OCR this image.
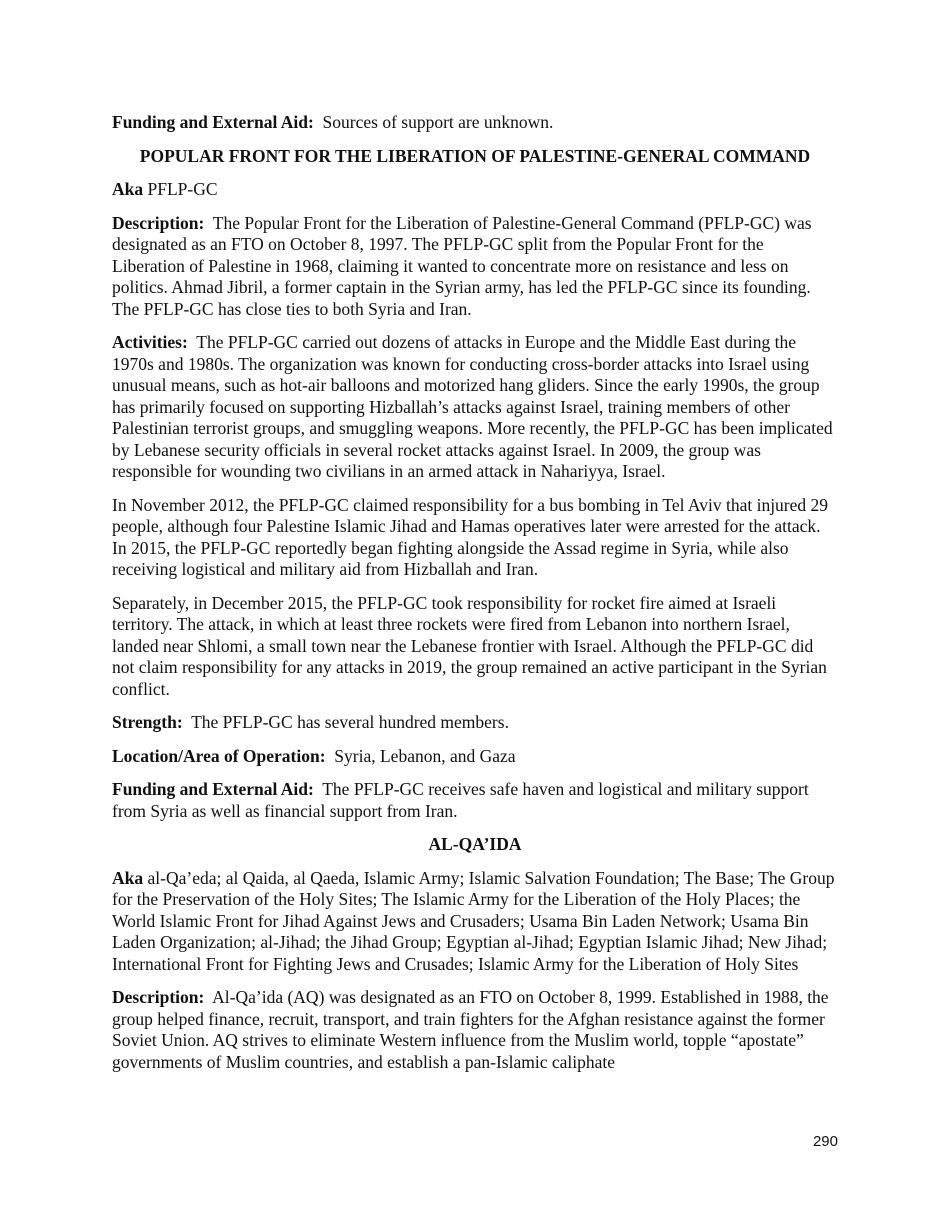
Funding and External Aid: Sources of support are unknown.

POPULAR FRONT FOR THE LIBERATION OF PALESTINE-GENERAL COMMAND

Aka PFLP-GC

Description: The Popular Front for the Liberation of Palestine-General Command (PFLP-GC) was designated as an FTO on October 8, 1997. The PFLP-GC split from the Popular Front for the Liberation of Palestine in 1968, claiming it wanted to concentrate more on resistance and less on politics. Ahmad Jibril, a former captain in the Syrian army, has led the PFLP-GC since its founding. The PFLP-GC has close ties to both Syria and Iran.

Activities: The PFLP-GC carried out dozens of attacks in Europe and the Middle East during the 1970s and 1980s. The organization was known for conducting cross-border attacks into Israel using unusual means, such as hot-air balloons and motorized hang gliders. Since the early 1990s, the group has primarily focused on supporting Hizballah’s attacks against Israel, training members of other Palestinian terrorist groups, and smuggling weapons. More recently, the PFLP-GC has been implicated by Lebanese security officials in several rocket attacks against Israel. In 2009, the group was responsible for wounding two civilians in an armed attack in Nahariyya, Israel.

In November 2012, the PFLP-GC claimed responsibility for a bus bombing in Tel Aviv that injured 29 people, although four Palestine Islamic Jihad and Hamas operatives later were arrested for the attack. In 2015, the PFLP-GC reportedly began fighting alongside the Assad regime in Syria, while also receiving logistical and military aid from Hizballah and Iran.

Separately, in December 2015, the PFLP-GC took responsibility for rocket fire aimed at Israeli territory. The attack, in which at least three rockets were fired from Lebanon into northern Israel, landed near Shlomi, a small town near the Lebanese frontier with Israel. Although the PFLP-GC did not claim responsibility for any attacks in 2019, the group remained an active participant in the Syrian conflict.

Strength: The PFLP-GC has several hundred members.

Location/Area of Operation: Syria, Lebanon, and Gaza

Funding and External Aid: The PFLP-GC receives safe haven and logistical and military support from Syria as well as financial support from Iran.

AL-QA’IDA

Aka al-Qa’eda; al Qaida, al Qaeda, Islamic Army; Islamic Salvation Foundation; The Base; The Group for the Preservation of the Holy Sites; The Islamic Army for the Liberation of the Holy Places; the World Islamic Front for Jihad Against Jews and Crusaders; Usama Bin Laden Network; Usama Bin Laden Organization; al-Jihad; the Jihad Group; Egyptian al-Jihad; Egyptian Islamic Jihad; New Jihad; International Front for Fighting Jews and Crusades; Islamic Army for the Liberation of Holy Sites

Description: Al-Qa’ida (AQ) was designated as an FTO on October 8, 1999. Established in 1988, the group helped finance, recruit, transport, and train fighters for the Afghan resistance against the former Soviet Union. AQ strives to eliminate Western influence from the Muslim world, topple “apostate” governments of Muslim countries, and establish a pan-Islamic caliphate

290
